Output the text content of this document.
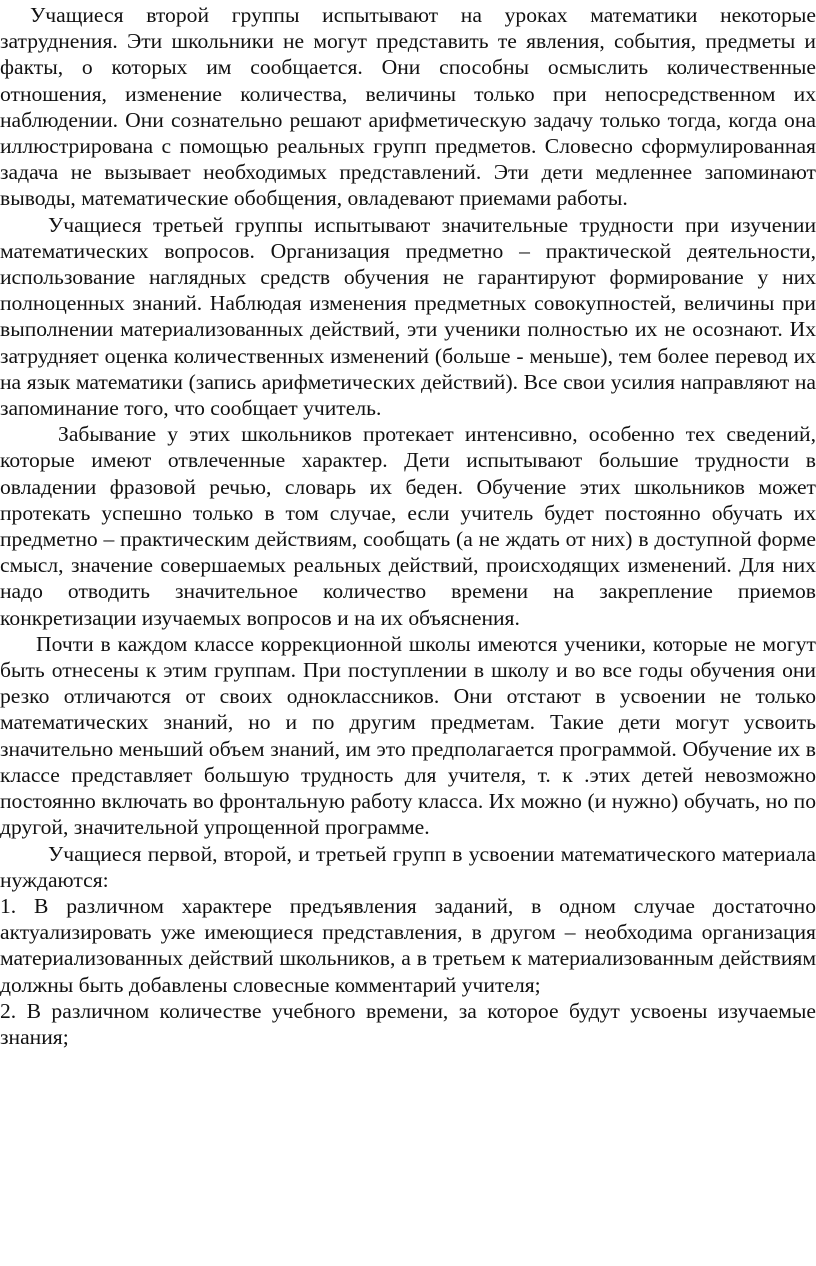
Учащиеся второй группы испытывают на уроках математики некоторые затруднения. Эти школьники не могут представить те явления, события, предметы и факты, о которых им сообщается. Они способны осмыслить количественные отношения, изменение количества, величины только при непосредственном их наблюдении. Они сознательно решают арифметическую задачу только тогда, когда она иллюстрирована с помощью реальных групп предметов. Словесно сформулированная задача не вызывает необходимых представлений. Эти дети медленнее запоминают выводы, математические обобщения, овладевают приемами работы.

Учащиеся третьей группы испытывают значительные трудности при изучении математических вопросов. Организация предметно – практической деятельности, использование наглядных средств обучения не гарантируют формирование у них полноценных знаний. Наблюдая изменения предметных совокупностей, величины при выполнении материализованных действий, эти ученики полностью их не осознают. Их затрудняет оценка количественных изменений (больше - меньше), тем более перевод их на язык математики (запись арифметических действий). Все свои усилия направляют на запоминание того, что сообщает учитель.

Забывание у этих школьников протекает интенсивно, особенно тех сведений, которые имеют отвлеченные характер. Дети испытывают большие трудности в овладении фразовой речью, словарь их беден. Обучение этих школьников может протекать успешно только в том случае, если учитель будет постоянно обучать их предметно – практическим действиям, сообщать (а не ждать от них) в доступной форме смысл, значение совершаемых реальных действий, происходящих изменений. Для них надо отводить значительное количество времени на закрепление приемов конкретизации изучаемых вопросов и на их объяснения.

Почти в каждом классе коррекционной школы имеются ученики, которые не могут быть отнесены к этим группам. При поступлении в школу и во все годы обучения они резко отличаются от своих одноклассников. Они отстают в усвоении не только математических знаний, но и по другим предметам. Такие дети могут усвоить значительно меньший объем знаний, им это предполагается программой. Обучение их в классе представляет большую трудность для учителя, т. к .этих детей невозможно постоянно включать во фронтальную работу класса. Их можно (и нужно) обучать, но по другой, значительной упрощенной программе.

Учащиеся первой, второй, и третьей групп в усвоении математического материала нуждаются:

1. В различном характере предъявления заданий, в одном случае достаточно актуализировать уже имеющиеся представления, в другом – необходима организация материализованных действий школьников, а в третьем к материализованным действиям должны быть добавлены словесные комментарий учителя;

2. В различном количестве учебного времени, за которое будут усвоены изучаемые знания;
